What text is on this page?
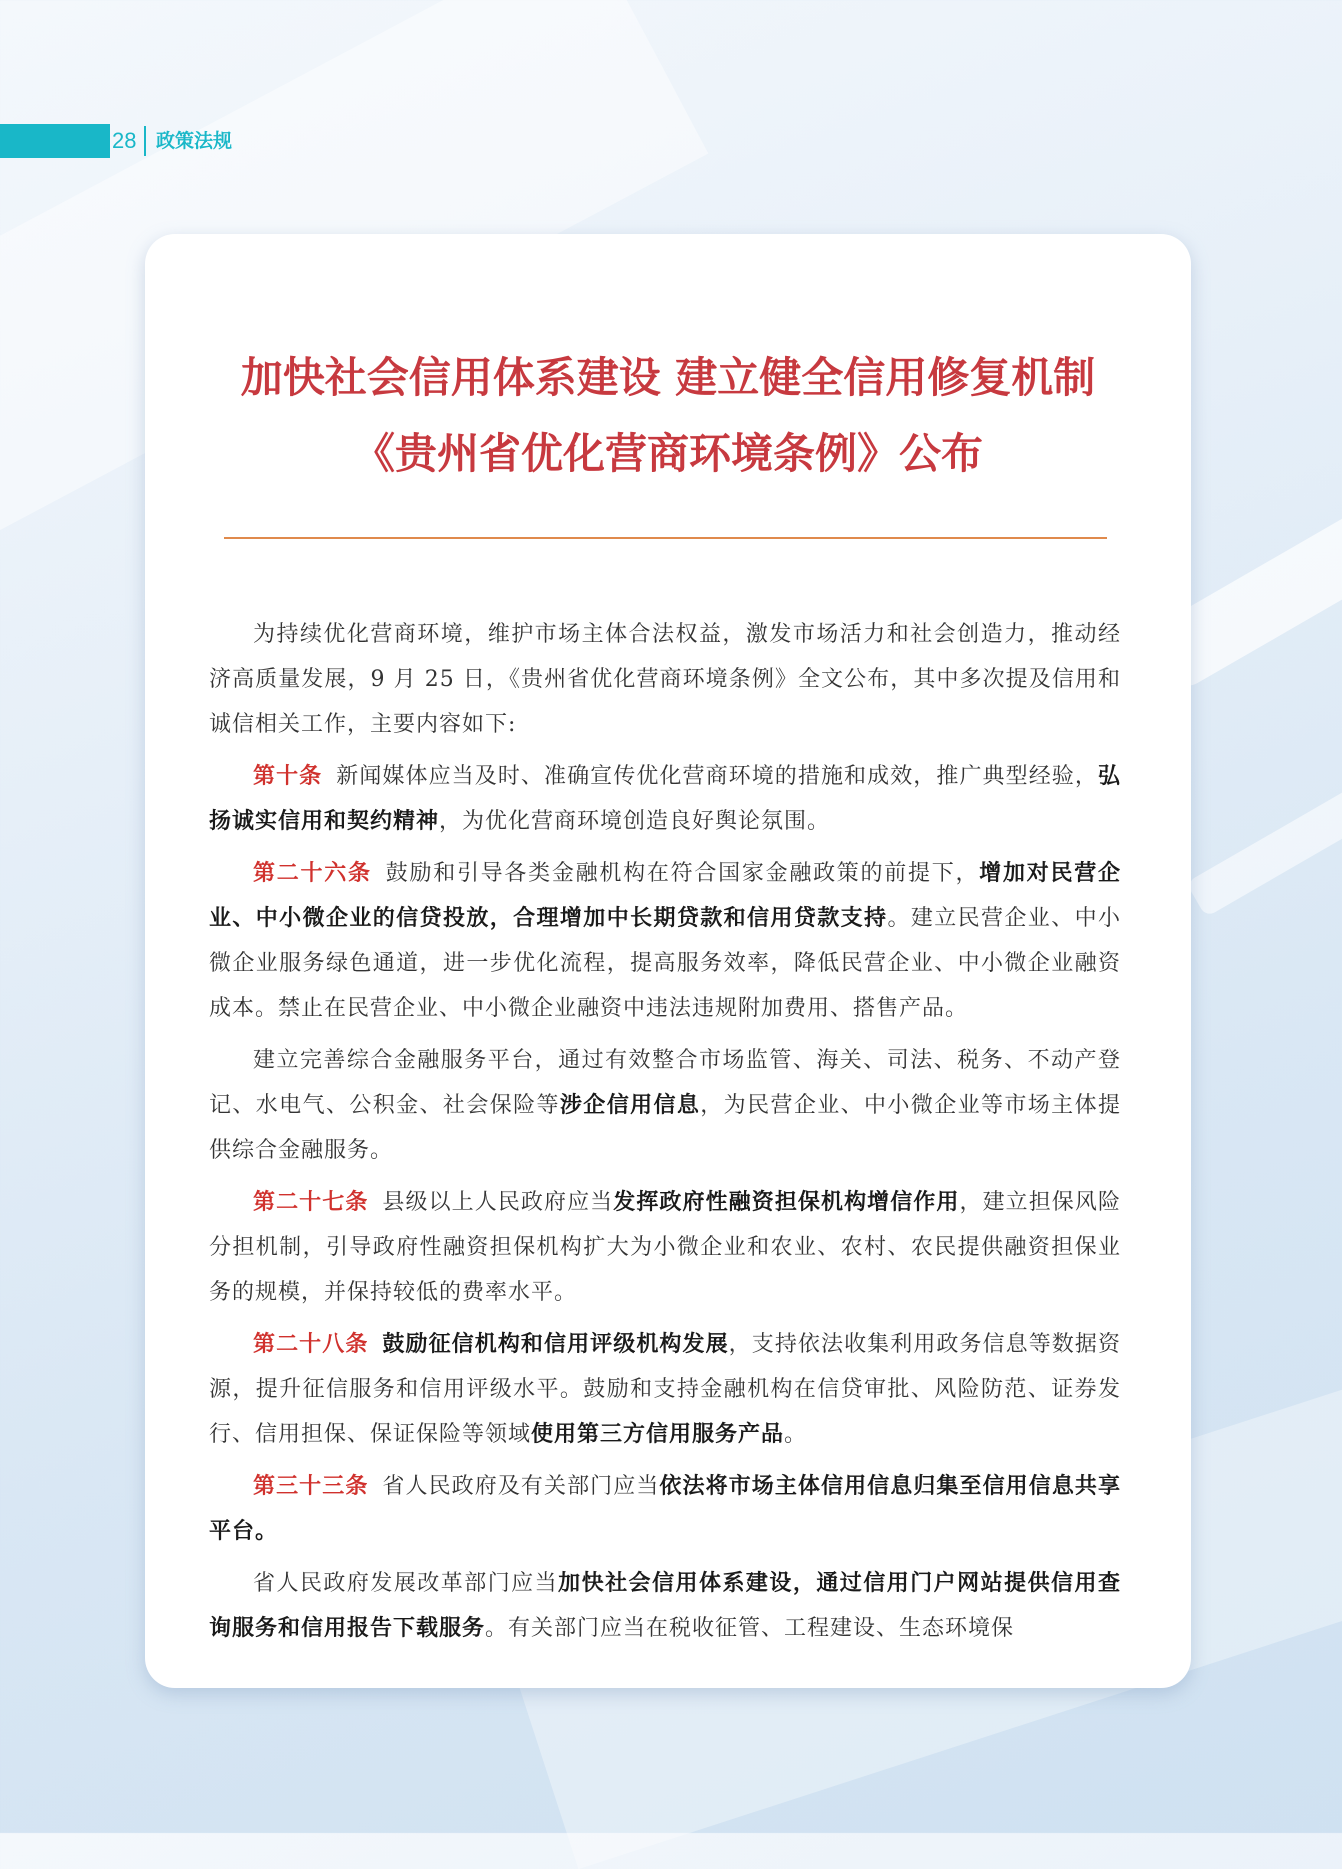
28 政策法规
加快社会信用体系建设 建立健全信用修复机制
《贵州省优化营商环境条例》公布

为持续优化营商环境，维护市场主体合法权益，激发市场活力和社会创造力，推动经济高质量发展，9 月 25 日，《贵州省优化营商环境条例》全文公布，其中多次提及信用和诚信相关工作，主要内容如下:

第十条 新闻媒体应当及时、准确宣传优化营商环境的措施和成效，推广典型经验，弘扬诚实信用和契约精神，为优化营商环境创造良好舆论氛围。

第二十六条 鼓励和引导各类金融机构在符合国家金融政策的前提下，增加对民营企业、中小微企业的信贷投放，合理增加中长期贷款和信用贷款支持。建立民营企业、中小微企业服务绿色通道，进一步优化流程，提高服务效率，降低民营企业、中小微企业融资成本。禁止在民营企业、中小微企业融资中违法违规附加费用、搭售产品。

建立完善综合金融服务平台，通过有效整合市场监管、海关、司法、税务、不动产登记、水电气、公积金、社会保险等涉企信用信息，为民营企业、中小微企业等市场主体提供综合金融服务。

第二十七条 县级以上人民政府应当发挥政府性融资担保机构增信作用，建立担保风险分担机制，引导政府性融资担保机构扩大为小微企业和农业、农村、农民提供融资担保业务的规模，并保持较低的费率水平。

第二十八条 鼓励征信机构和信用评级机构发展，支持依法收集利用政务信息等数据资源，提升征信服务和信用评级水平。鼓励和支持金融机构在信贷审批、风险防范、证券发行、信用担保、保证保险等领域使用第三方信用服务产品。

第三十三条 省人民政府及有关部门应当依法将市场主体信用信息归集至信用信息共享平台。

省人民政府发展改革部门应当加快社会信用体系建设，通过信用门户网站提供信用查询服务和信用报告下载服务。有关部门应当在税收征管、工程建设、生态环境保
